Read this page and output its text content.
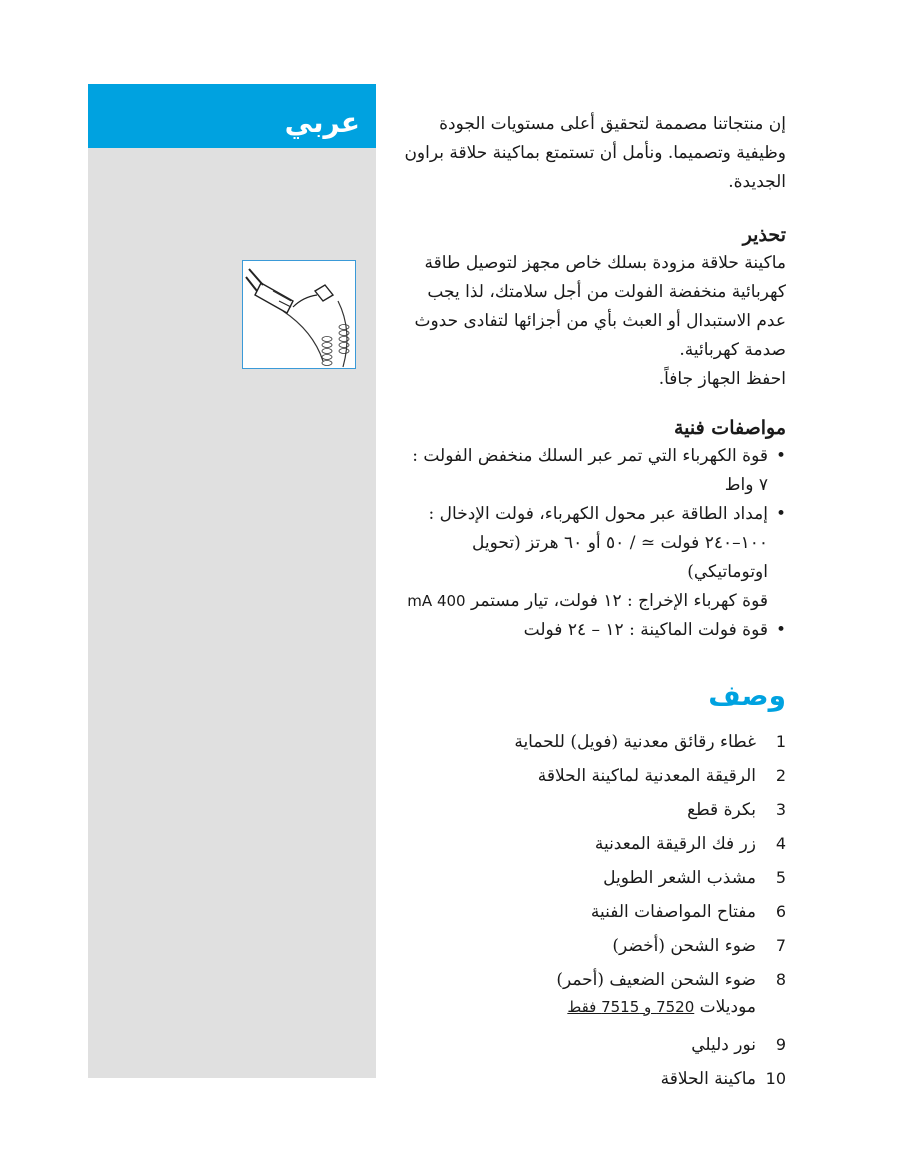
عربي	إن منتجاتنا مصممة لتحقيق أعلى مستويات الجودة وظيفية وتصميما. ونأمل أن تستمتع بماكينة حلاقة براون الجديدة.

تحذير

ماكينة حلاقة مزودة بسلك خاص مجهز لتوصيل طاقة كهربائية منخفضة الفولت من أجل سلامتك، لذا يجب عدم الاستبدال أو العبث بأي من أجزائها لتفادى حدوث صدمة كهربائية.

احفظ الجهاز جافاً.

مواصفات فنية
• قوة الكهرباء التي تمر عبر السلك منخفض الفولت : ٧ واط
• إمداد الطاقة عبر محول الكهرباء، فولت الإدخال :
١٠٠–٢٤٠ فولت ≃ / ٥٠ أو ٦٠ هرتز (تحويل اوتوماتيكي)
قوة كهرباء الإخراج : ١٢ فولت، تيار مستمر 400 mA
• قوة فولت الماكينة : ١٢ – ٢٤ فولت
وصف
1غطاء رقائق معدنية (فويل) للحماية
2الرقيقة المعدنية لماكينة الحلاقة
3بكرة قطع
4زر فك الرقيقة المعدنية
5مشذب الشعر الطويل
6مفتاح المواصفات الفنية
7ضوء الشحن (أخضر)
8ضوء الشحن الضعيف (أحمر)
موديلات 7520 و 7515 فقط
9نور دليلي
10ماكينة الحلاقة
